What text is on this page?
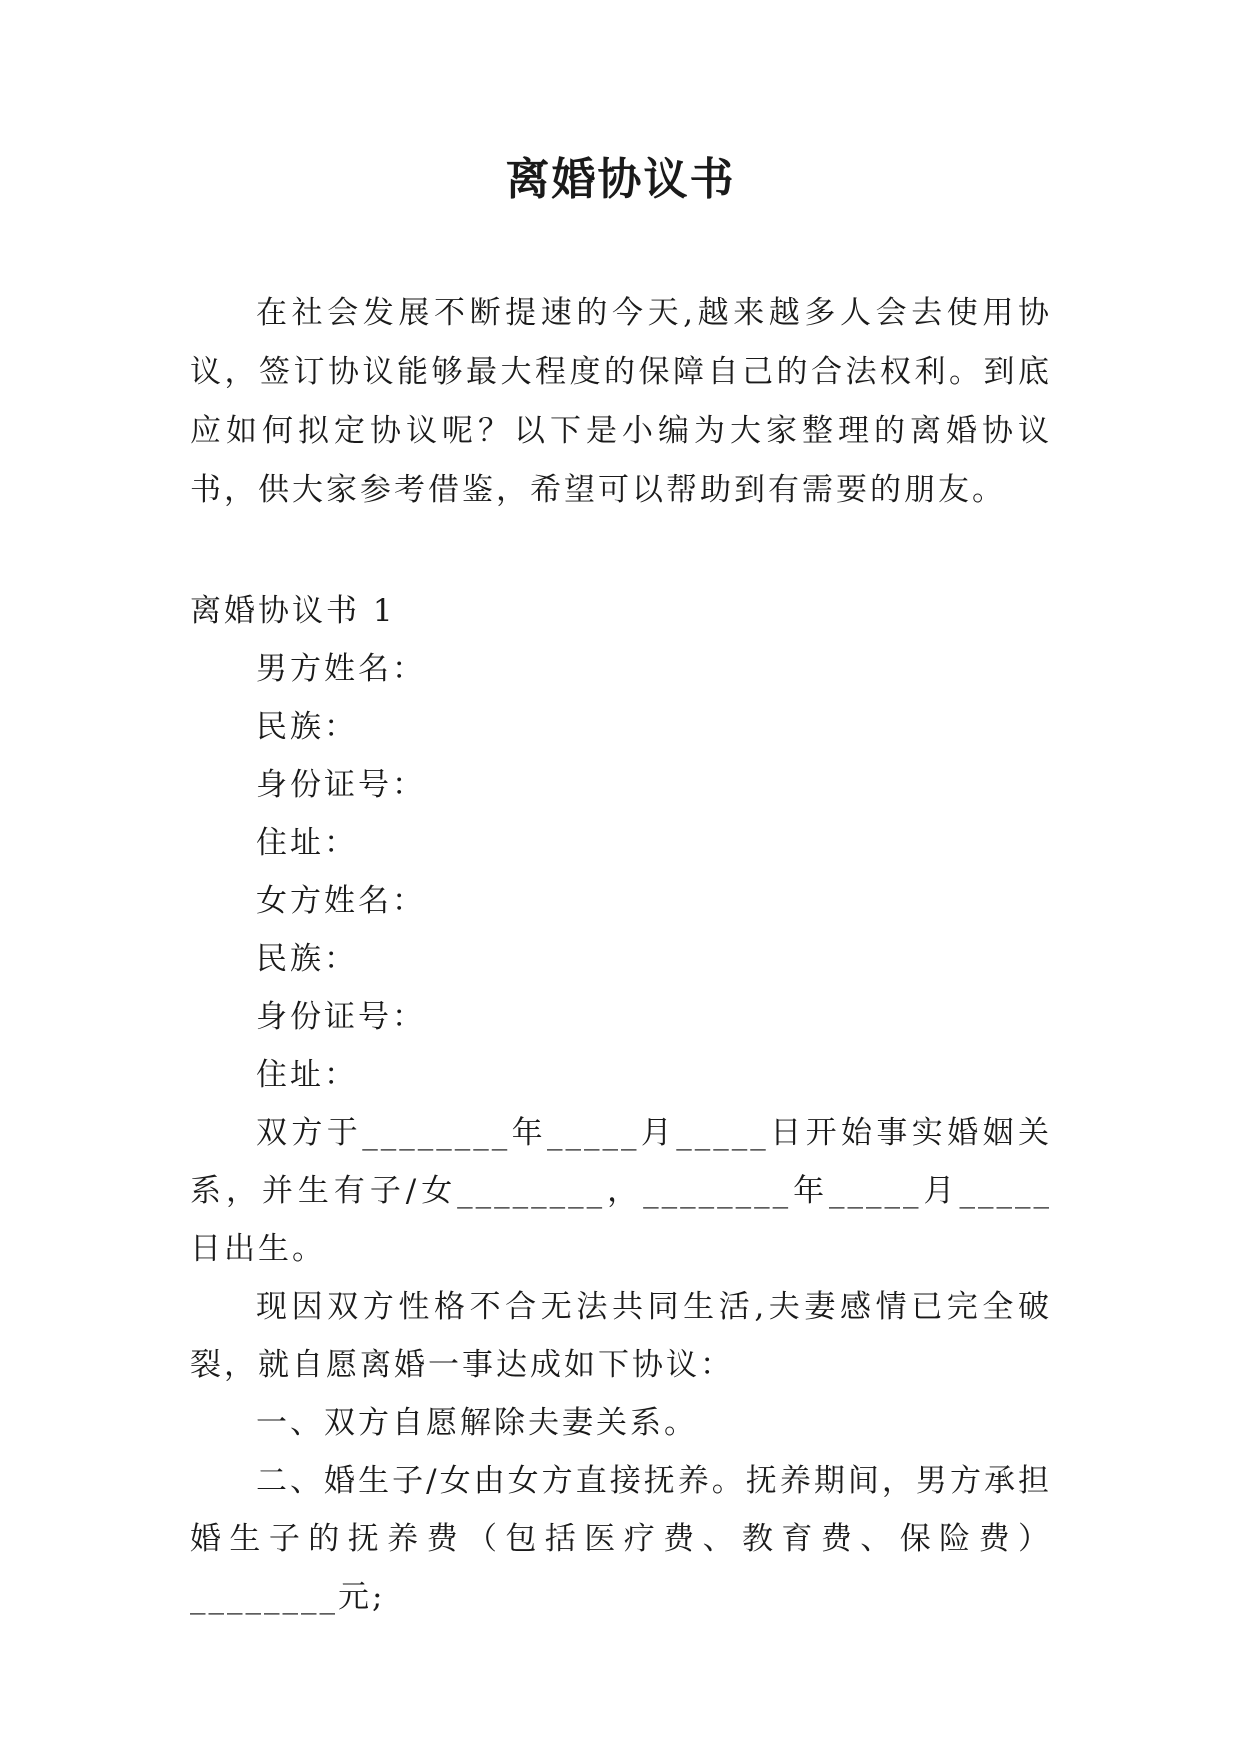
离婚协议书
在社会发展不断提速的今天,越来越多人会去使用协议，签订协议能够最大程度的保障自己的合法权利。到底应如何拟定协议呢？以下是小编为大家整理的离婚协议书，供大家参考借鉴，希望可以帮助到有需要的朋友。
离婚协议书 1
男方姓名：
民族：
身份证号：
住址：
女方姓名：
民族：
身份证号：
住址：
双方于________年_____月_____日开始事实婚姻关系，并生有子/女________，________年_____月_____日出生。
现因双方性格不合无法共同生活,夫妻感情已完全破裂，就自愿离婚一事达成如下协议：
一、双方自愿解除夫妻关系。
二、婚生子/女由女方直接抚养。抚养期间，男方承担婚生子的抚养费（包括医疗费、教育费、保险费）________元;
